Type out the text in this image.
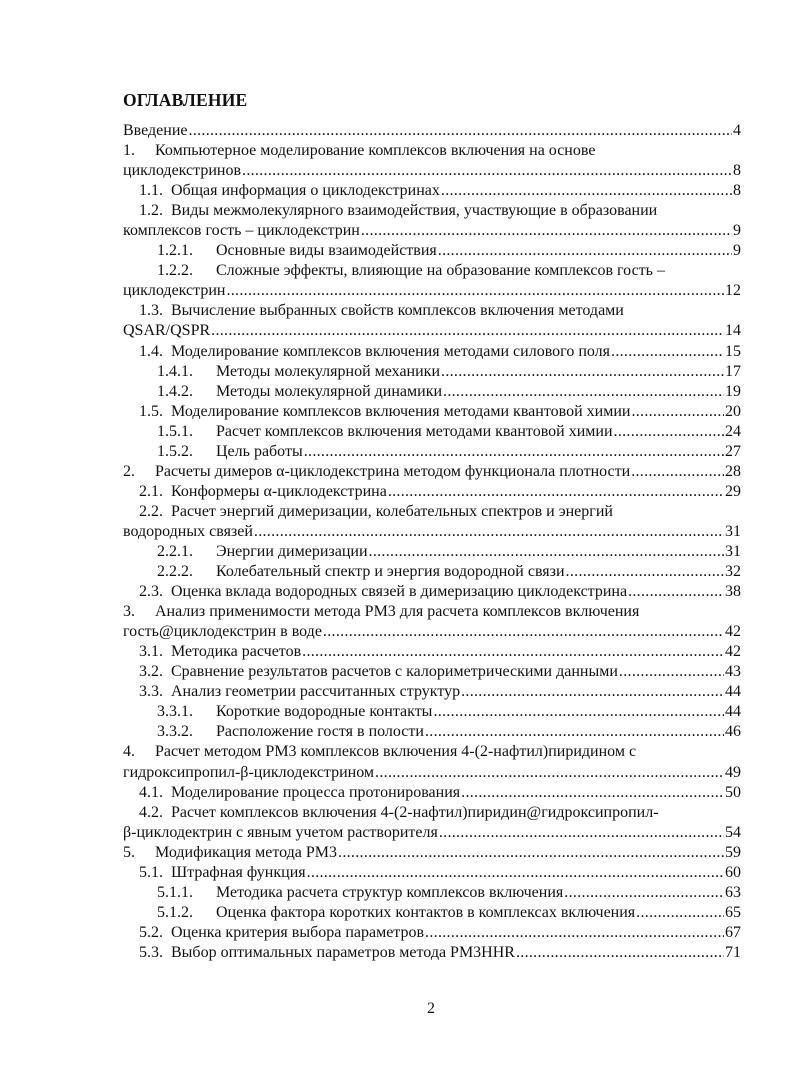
ОГЛАВЛЕНИЕ
Введение .....	4
1.	Компьютерное моделирование комплексов включения на основе
циклодекстринов .....	8
1.1. Общая информация о циклодекстринах .....	8
1.2. Виды межмолекулярного взаимодействия, участвующие в образовании
комплексов гость – циклодекстрин .....	9
1.2.1.	Основные виды взаимодействия .....	9
1.2.2.	Сложные эффекты, влияющие на образование комплексов гость –
циклодекстрин .....	12
1.3. Вычисление выбранных свойств комплексов включения методами
QSAR/QSPR .....	14
1.4. Моделирование комплексов включения методами силового поля .....	15
1.4.1.	Методы молекулярной механики .....	17
1.4.2.	Методы молекулярной динамики .....	19
1.5. Моделирование комплексов включения методами квантовой химии .....	20
1.5.1.	Расчет комплексов включения методами квантовой химии .....	24
1.5.2.	Цель работы .....	27
2.	Расчеты димеров α-циклодекстрина методом функционала плотности .....	28
2.1. Конформеры α-циклодекстрина .....	29
2.2. Расчет энергий димеризации, колебательных спектров и энергий
водородных связей .....	31
2.2.1.	Энергии димеризации .....	31
2.2.2.	Колебательный спектр и энергия водородной связи .....	32
2.3. Оценка вклада водородных связей в димеризацию циклодекстрина .....	38
3.	Анализ применимости метода PM3 для расчета комплексов включения
гость@циклодекстрин в воде .....	42
3.1. Методика расчетов .....	42
3.2. Сравнение результатов расчетов с калориметрическими данными .....	43
3.3. Анализ геометрии рассчитанных структур .....	44
3.3.1.	Короткие водородные контакты .....	44
3.3.2.	Расположение гостя в полости .....	46
4.	Расчет методом PM3 комплексов включения 4-(2-нафтил)пиридином с
гидроксипропил-β-циклодекстрином .....	49
4.1. Моделирование процесса протонирования .....	50
4.2. Расчет комплексов включения 4-(2-нафтил)пиридин@гидроксипропил-
β-циклодектрин с явным учетом растворителя .....	54
5.	Модификация метода PM3 .....	59
5.1. Штрафная функция .....	60
5.1.1.	Методика расчета структур комплексов включения .....	63
5.1.2.	Оценка фактора коротких контактов в комплексах включения .....	65
5.2. Оценка критерия выбора параметров .....	67
5.3. Выбор оптимальных параметров метода PM3HHR .....	71
2
